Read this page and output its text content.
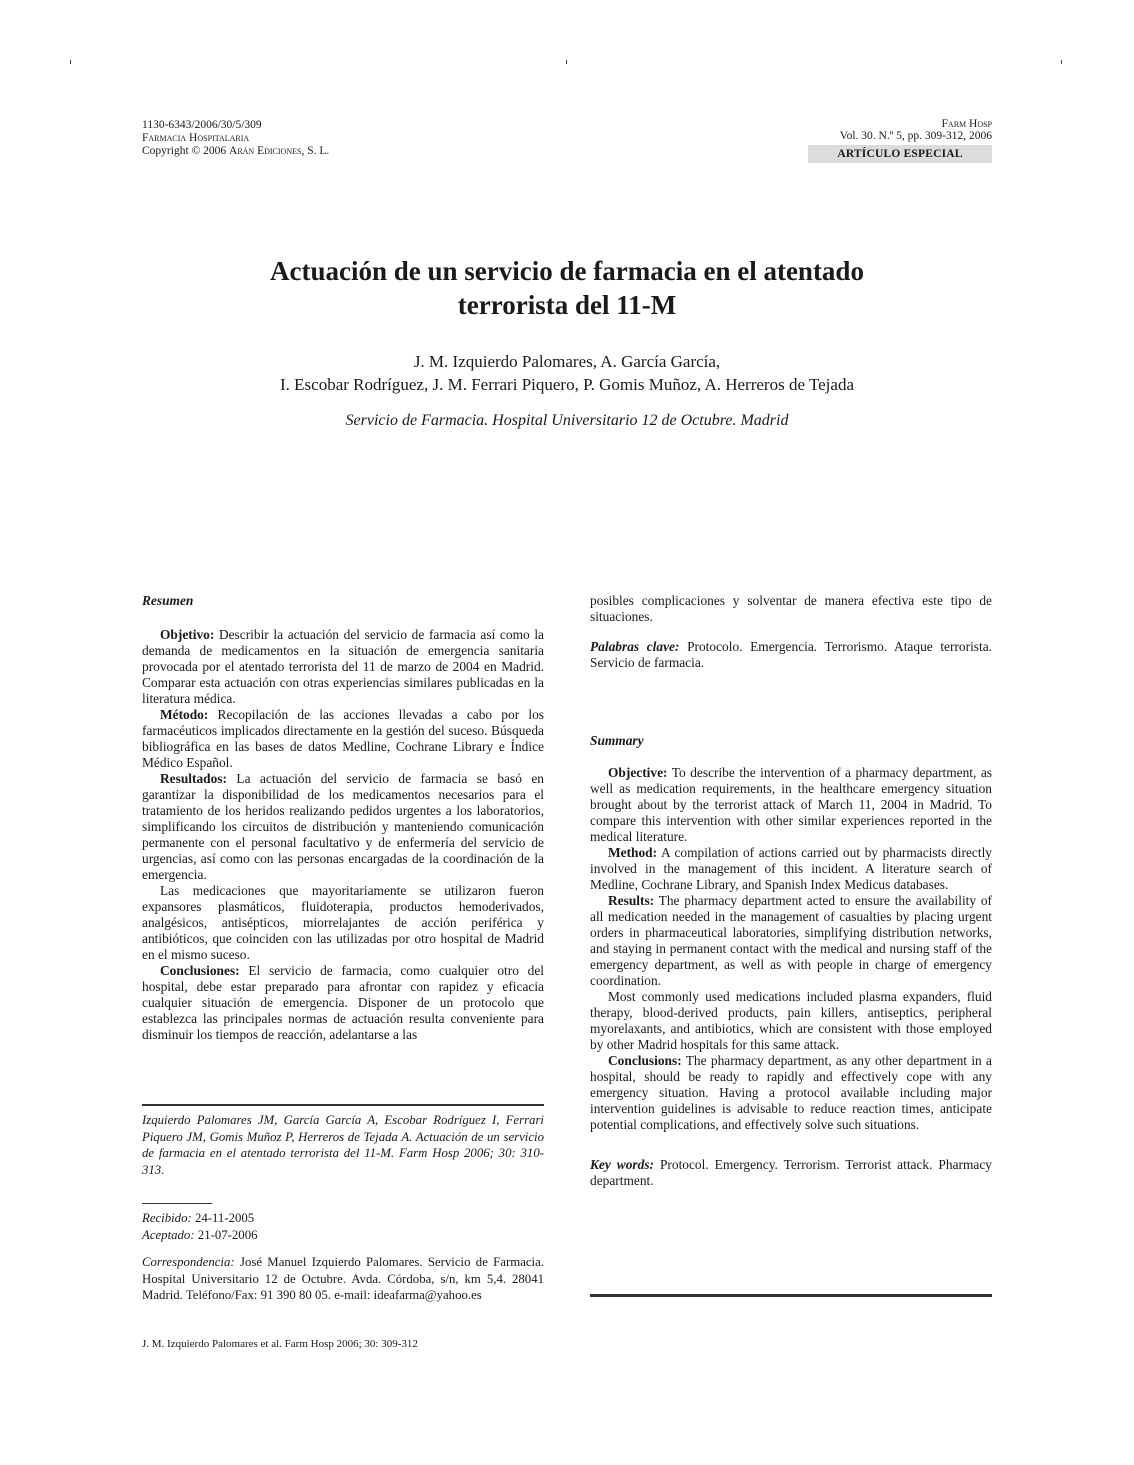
1130-6343/2006/30/5/309
Farmacia Hospitalaria
Copyright © 2006 Arán Ediciones, S. L.
Farm Hosp
Vol. 30. N.º 5, pp. 309-312, 2006
ARTÍCULO ESPECIAL
Actuación de un servicio de farmacia en el atentado
terrorista del 11-M
J. M. Izquierdo Palomares, A. García García,
I. Escobar Rodríguez, J. M. Ferrari Piquero, P. Gomis Muñoz, A. Herreros de Tejada
Servicio de Farmacia. Hospital Universitario 12 de Octubre. Madrid

Resumen

Objetivo: Describir la actuación del servicio de farmacia así como la demanda de medicamentos en la situación de emergencia sanitaria provocada por el atentado terrorista del 11 de marzo de 2004 en Madrid. Comparar esta actuación con otras experiencias similares publicadas en la literatura médica.

Método: Recopilación de las acciones llevadas a cabo por los farmacéuticos implicados directamente en la gestión del suceso. Búsqueda bibliográfica en las bases de datos Medline, Cochrane Library e Índice Médico Español.

Resultados: La actuación del servicio de farmacia se basó en garantizar la disponibilidad de los medicamentos necesarios para el tratamiento de los heridos realizando pedidos urgentes a los laboratorios, simplificando los circuitos de distribución y manteniendo comunicación permanente con el personal facultativo y de enfermería del servicio de urgencias, así como con las personas encargadas de la coordinación de la emergencia.

Las medicaciones que mayoritariamente se utilizaron fueron expansores plasmáticos, fluidoterapia, productos hemoderivados, analgésicos, antisépticos, miorrelajantes de acción periférica y antibióticos, que coinciden con las utilizadas por otro hospital de Madrid en el mismo suceso.

Conclusiones: El servicio de farmacia, como cualquier otro del hospital, debe estar preparado para afrontar con rapidez y eficacia cualquier situación de emergencia. Disponer de un protocolo que establezca las principales normas de actuación resulta conveniente para disminuir los tiempos de reacción, adelantarse a las

Izquierdo Palomares JM, García García A, Escobar Rodríguez I, Ferrari Piquero JM, Gomis Muñoz P, Herreros de Tejada A. Actuación de un servicio de farmacia en el atentado terrorista del 11-M. Farm Hosp 2006; 30: 310-313.
Recibido: 24-11-2005
Aceptado: 21-07-2006
Correspondencia: José Manuel Izquierdo Palomares. Servicio de Farmacia. Hospital Universitario 12 de Octubre. Avda. Córdoba, s/n, km 5,4. 28041 Madrid. Teléfono/Fax: 91 390 80 05. e-mail: ideafarma@yahoo.es

posibles complicaciones y solventar de manera efectiva este tipo de situaciones.

Palabras clave: Protocolo. Emergencia. Terrorismo. Ataque terrorista. Servicio de farmacia.

Summary

Objective: To describe the intervention of a pharmacy department, as well as medication requirements, in the healthcare emergency situation brought about by the terrorist attack of March 11, 2004 in Madrid. To compare this intervention with other similar experiences reported in the medical literature.

Method: A compilation of actions carried out by pharmacists directly involved in the management of this incident. A literature search of Medline, Cochrane Library, and Spanish Index Medicus databases.

Results: The pharmacy department acted to ensure the availability of all medication needed in the management of casualties by placing urgent orders in pharmaceutical laboratories, simplifying distribution networks, and staying in permanent contact with the medical and nursing staff of the emergency department, as well as with people in charge of emergency coordination.

Most commonly used medications included plasma expanders, fluid therapy, blood-derived products, pain killers, antiseptics, peripheral myorelaxants, and antibiotics, which are consistent with those employed by other Madrid hospitals for this same attack.

Conclusions: The pharmacy department, as any other department in a hospital, should be ready to rapidly and effectively cope with any emergency situation. Having a protocol available including major intervention guidelines is advisable to reduce reaction times, anticipate potential complications, and effectively solve such situations.

Key words: Protocol. Emergency. Terrorism. Terrorist attack. Pharmacy department.

J. M. Izquierdo Palomares et al. Farm Hosp 2006; 30: 309-312
